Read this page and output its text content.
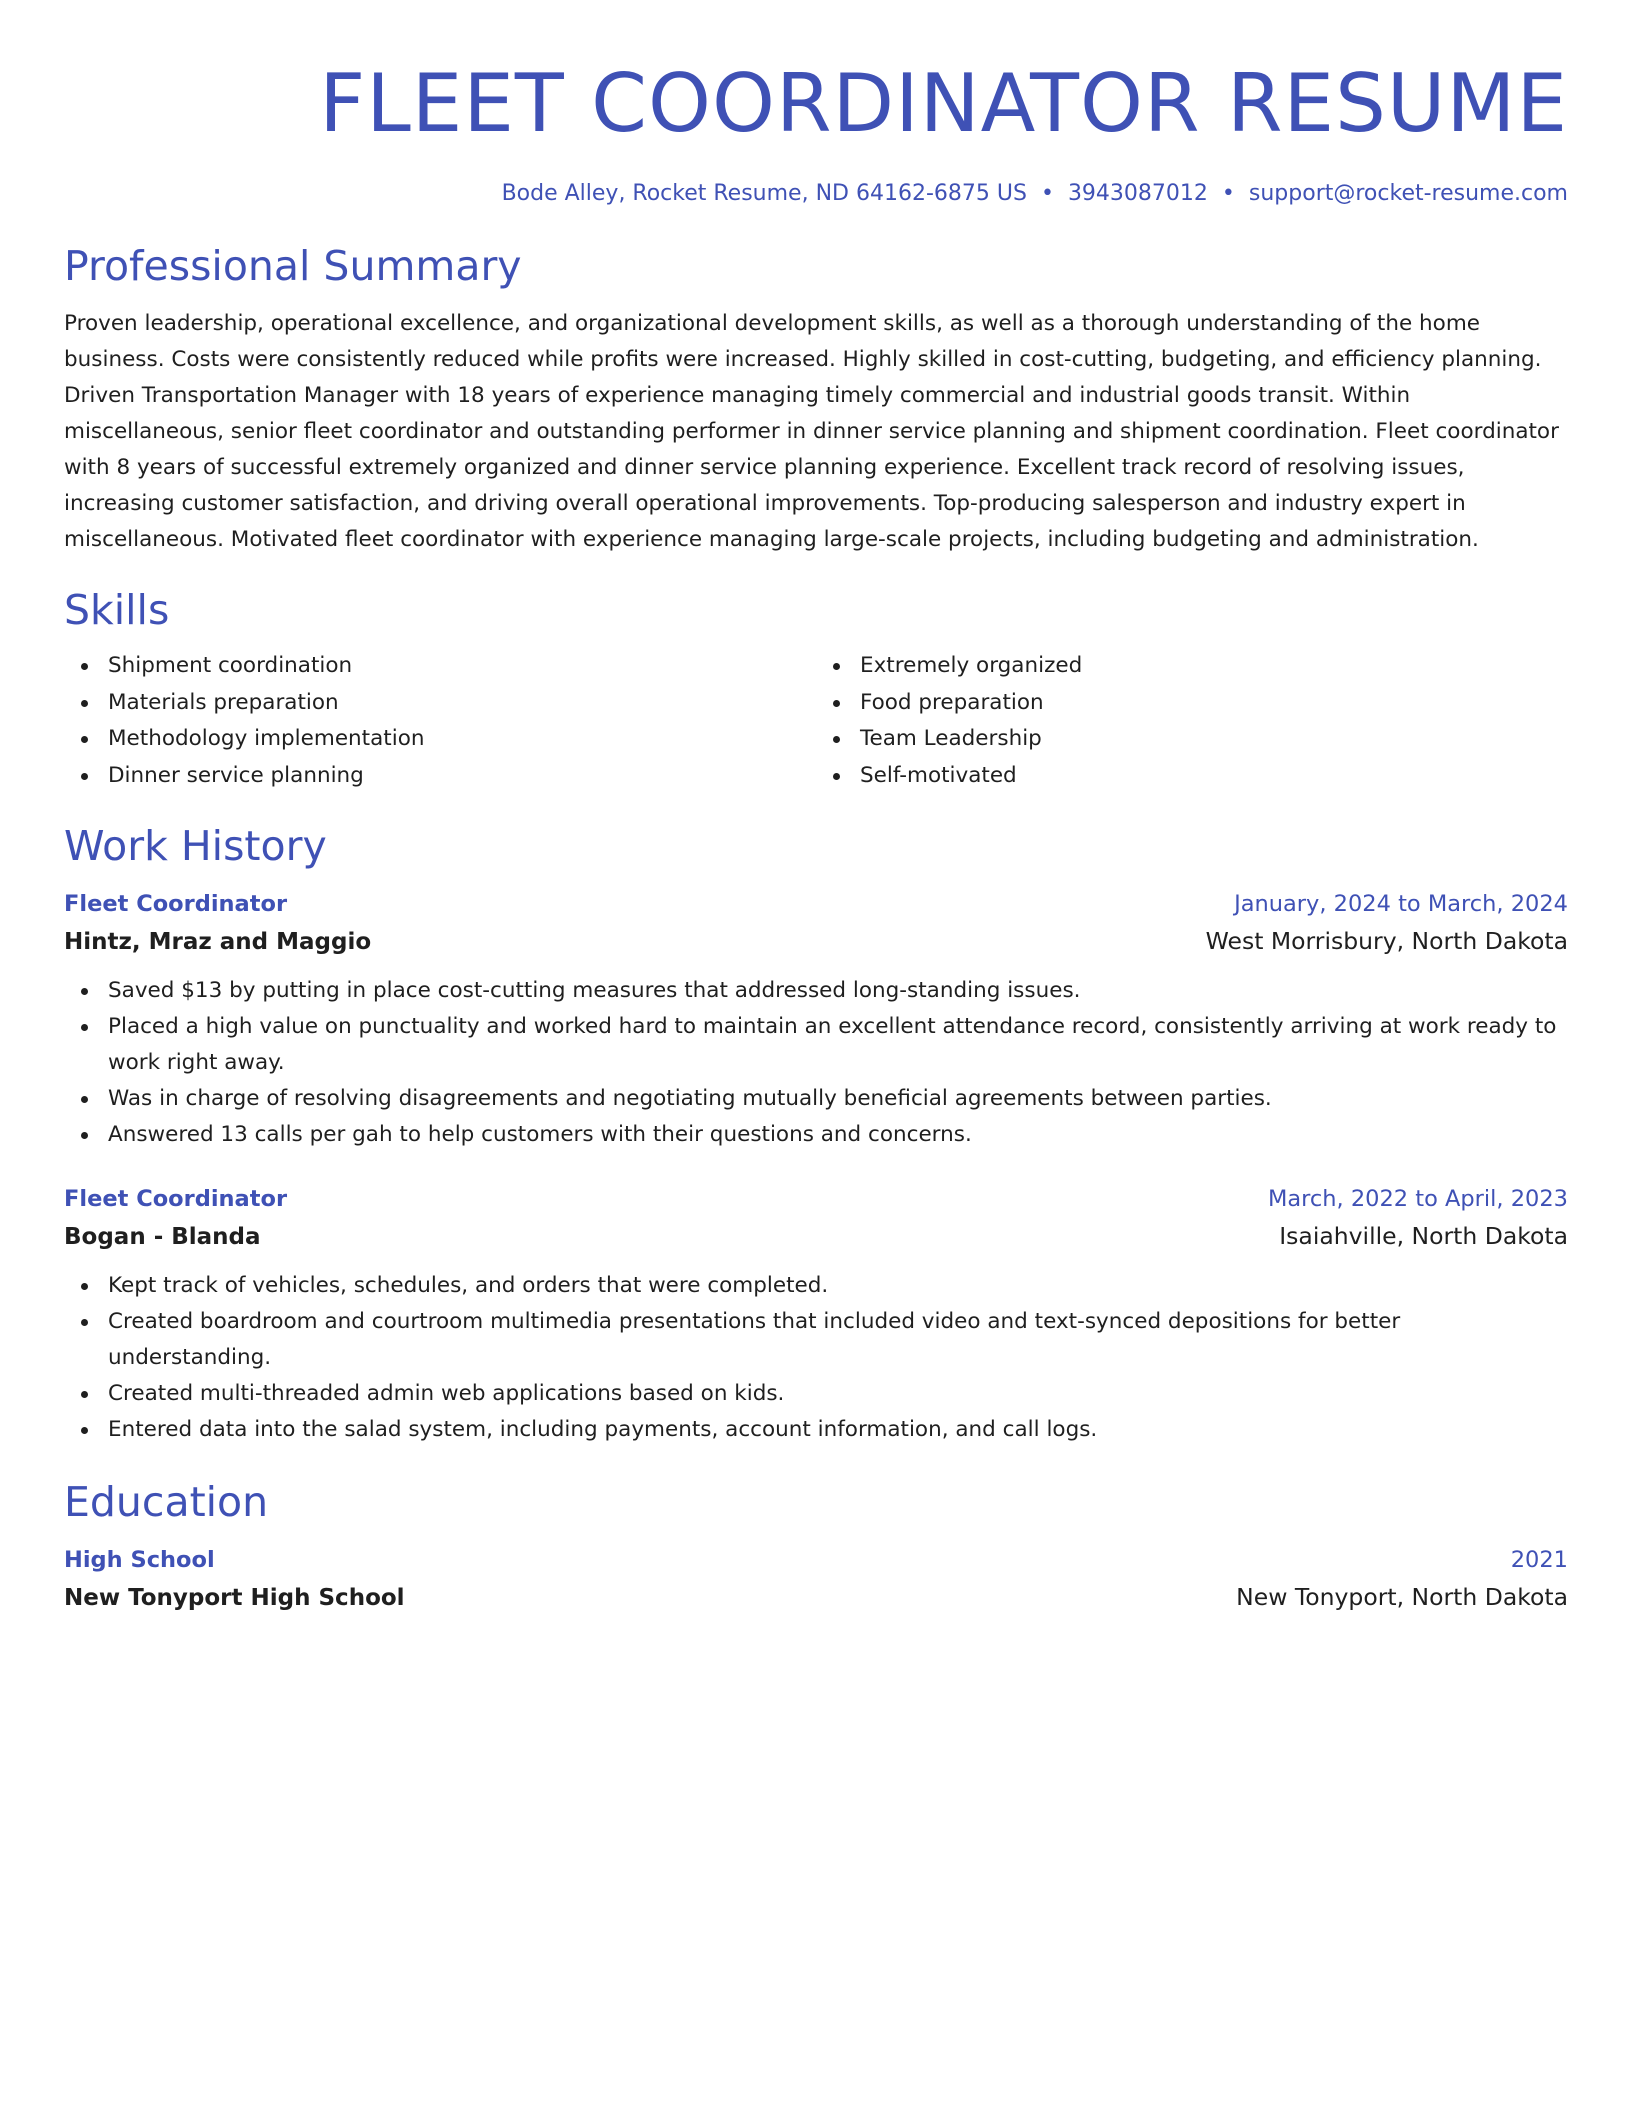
FLEET COORDINATOR RESUME
Bode Alley, Rocket Resume, ND 64162-6875 US • 3943087012 • support@rocket-resume.com
Professional Summary

Proven leadership, operational excellence, and organizational development skills, as well as a thorough understanding of the home business. Costs were consistently reduced while profits were increased. Highly skilled in cost-cutting, budgeting, and efficiency planning. Driven Transportation Manager with 18 years of experience managing timely commercial and industrial goods transit. Within miscellaneous, senior fleet coordinator and outstanding performer in dinner service planning and shipment coordination. Fleet coordinator with 8 years of successful extremely organized and dinner service planning experience. Excellent track record of resolving issues, increasing customer satisfaction, and driving overall operational improvements. Top-producing salesperson and industry expert in miscellaneous. Motivated fleet coordinator with experience managing large-scale projects, including budgeting and administration.

Skills
Shipment coordination
Materials preparation
Methodology implementation
Dinner service planning
Extremely organized
Food preparation
Team Leadership
Self-motivated
Work History
Fleet Coordinator	January, 2024 to March, 2024
Hintz, Mraz and Maggio	West Morrisbury, North Dakota
Saved $13 by putting in place cost-cutting measures that addressed long-standing issues.
Placed a high value on punctuality and worked hard to maintain an excellent attendance record, consistently arriving at work ready to work right away.
Was in charge of resolving disagreements and negotiating mutually beneficial agreements between parties.
Answered 13 calls per gah to help customers with their questions and concerns.
Fleet Coordinator	March, 2022 to April, 2023
Bogan - Blanda	Isaiahville, North Dakota
Kept track of vehicles, schedules, and orders that were completed.
Created boardroom and courtroom multimedia presentations that included video and text-synced depositions for better understanding.
Created multi-threaded admin web applications based on kids.
Entered data into the salad system, including payments, account information, and call logs.
Education
High School	2021
New Tonyport High School	New Tonyport, North Dakota
